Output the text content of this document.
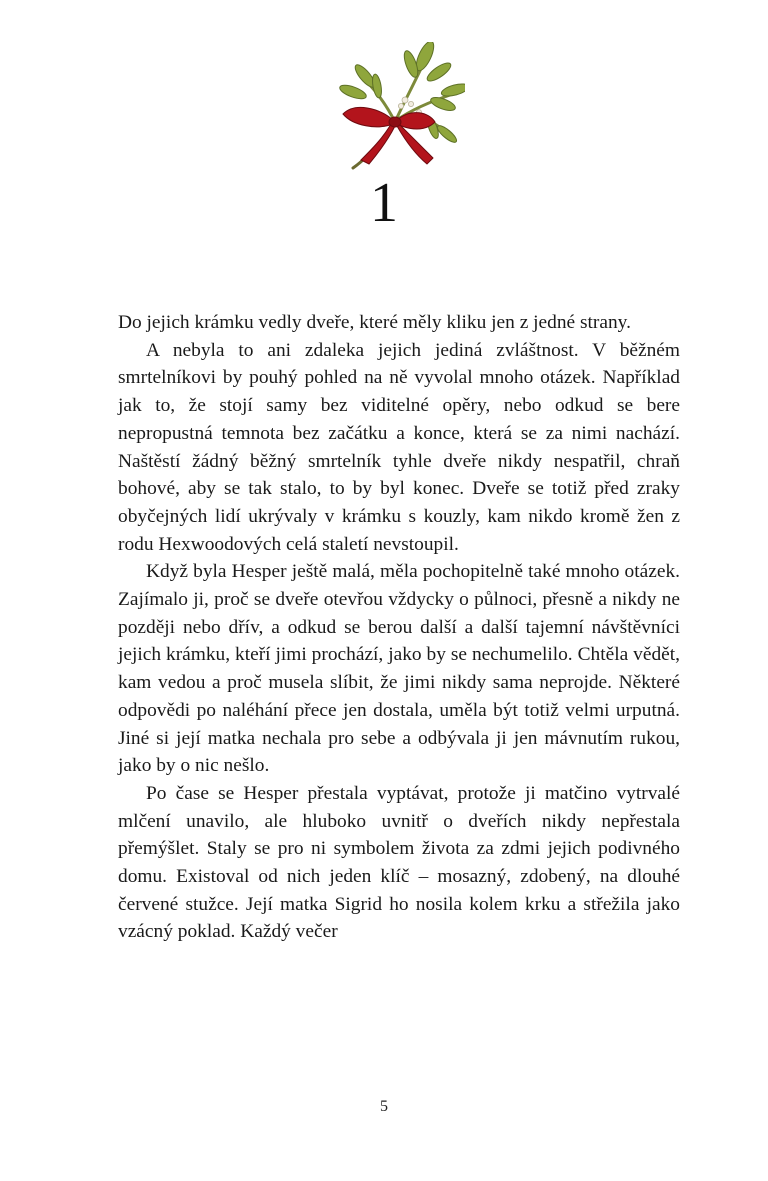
1

Do jejich krámku vedly dveře, které měly kliku jen z jedné strany.

A nebyla to ani zdaleka jejich jediná zvláštnost. V běžném smrtelníkovi by pouhý pohled na ně vyvolal mnoho otázek. Například jak to, že stojí samy bez viditelné opěry, nebo odkud se bere nepropustná temnota bez začátku a konce, která se za nimi nachází. Naštěstí žádný běžný smrtelník tyhle dveře nikdy nespatřil, chraň bohové, aby se tak stalo, to by byl konec. Dveře se totiž před zraky obyčejných lidí ukrývaly v krámku s kouzly, kam nikdo kromě žen z rodu Hexwoodových celá staletí nevstoupil.

Když byla Hesper ještě malá, měla pochopitelně také mnoho otázek. Zajímalo ji, proč se dveře otevřou vždycky o půlnoci, přesně a nikdy ne později nebo dřív, a odkud se berou další a další tajemní návštěvníci jejich krámku, kteří jimi prochází, jako by se nechumelilo. Chtěla vědět, kam vedou a proč musela slíbit, že jimi nikdy sama neprojde. Některé odpovědi po naléhání přece jen dostala, uměla být totiž velmi urputná. Jiné si její matka nechala pro sebe a odbývala ji jen mávnutím rukou, jako by o nic nešlo.

Po čase se Hesper přestala vyptávat, protože ji matčino vytrvalé mlčení unavilo, ale hluboko uvnitř o dveřích nikdy nepřestala přemýšlet. Staly se pro ni symbolem života za zdmi jejich podivného domu. Existoval od nich jeden klíč – mosazný, zdobený, na dlouhé červené stužce. Její matka Sigrid ho nosila kolem krku a střežila jako vzácný poklad. Každý večer

5
